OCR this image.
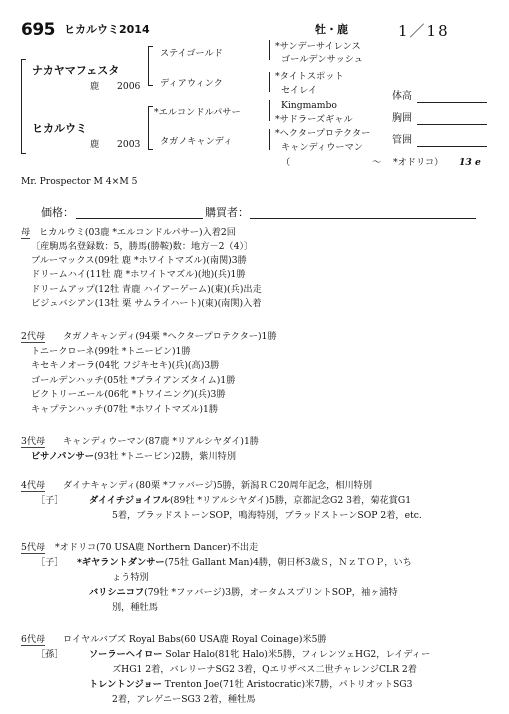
695 ヒカルウミ2014	牡・鹿	1／18
ナカヤマフェスタ
鹿 2006
ヒカルウミ
鹿 2003
ステイゴールド
ディアウィンク
*エルコンドルパサー
タガノキャンディ
*サンデーサイレンス
ゴールデンサッシュ
*タイトスポット
セイレイ
Kingmambo
*サドラーズギャル
*ヘクタープロテクター
キャンディウーマン
（	～ *オドリコ） 13 e
体高
胸囲
管囲
Mr. Prospector M 4×M 5
価格：	購買者：
母 ヒカルウミ(03鹿 *エルコンドルパサー)入着2回
〔産駒馬名登録数：5，勝馬(勝鞍)数：地方－2（4）〕
ブルーマックス(09牡 鹿 *ホワイトマズル)(南関)3勝
ドリームハイ(11牡 鹿 *ホワイトマズル)(地)(兵)1勝
ドリームアップ(12牡 青鹿 ハイアーゲーム)(東)(兵)出走
ビジュバシアン(13牡 栗 サムライハート)(東)(南関)入着
2代母 タガノキャンディ(94栗 *ヘクタープロテクター)1勝
トニークローネ(99牡 *トニービン)1勝
キセキノオーラ(04牝 フジキセキ)(兵)(高)3勝
ゴールデンハッチ(05牡 *ブライアンズタイム)1勝
ビクトリーエール(06牝 *トワイニング)(兵)3勝
キャプテンハッチ(07牡 *ホワイトマズル)1勝
3代母 キャンディウーマン(87鹿 *リアルシヤダイ)1勝
ビサノパンサー(93牡 *トニービン)2勝，紫川特別
4代母 ダイナキャンディ(80栗 *ファバージ)5勝，新潟ＲＣ20周年記念，相川特別
［子］	ダイイチジョイフル(89牡 *リアルシヤダイ)5勝，京都記念G2 3着，菊花賞G1
5着，ブラッドストーンSOP，鳴海特別，ブラッドストーンSOP 2着，etc.
5代母 *オドリコ(70 USA鹿 Northern Dancer)不出走
［子］ *ギヤラントダンサー(75牡 Gallant Man)4勝，朝日杯3歳Ｓ，ＮｚＴＯＰ，いち
ょう特別
バリシニコフ(79牡 *ファバージ)3勝，オータムスプリントSOP，袖ヶ浦特
別，種牡馬
6代母 ロイヤルバブズ Royal Babs(60 USA鹿 Royal Coinage)米5勝
［孫］	ソーラーヘイロー Solar Halo(81牝 Halo)米5勝，フィレンツェHG2，レイディー
ズHG1 2着，バレリーナSG2 3着，Qエリザベス二世チャレンジCLR 2着
トレントンジョー Trenton Joe(71牡 Aristocratic)米7勝，パトリオットSG3
2着，アレゲニーSG3 2着，種牡馬
